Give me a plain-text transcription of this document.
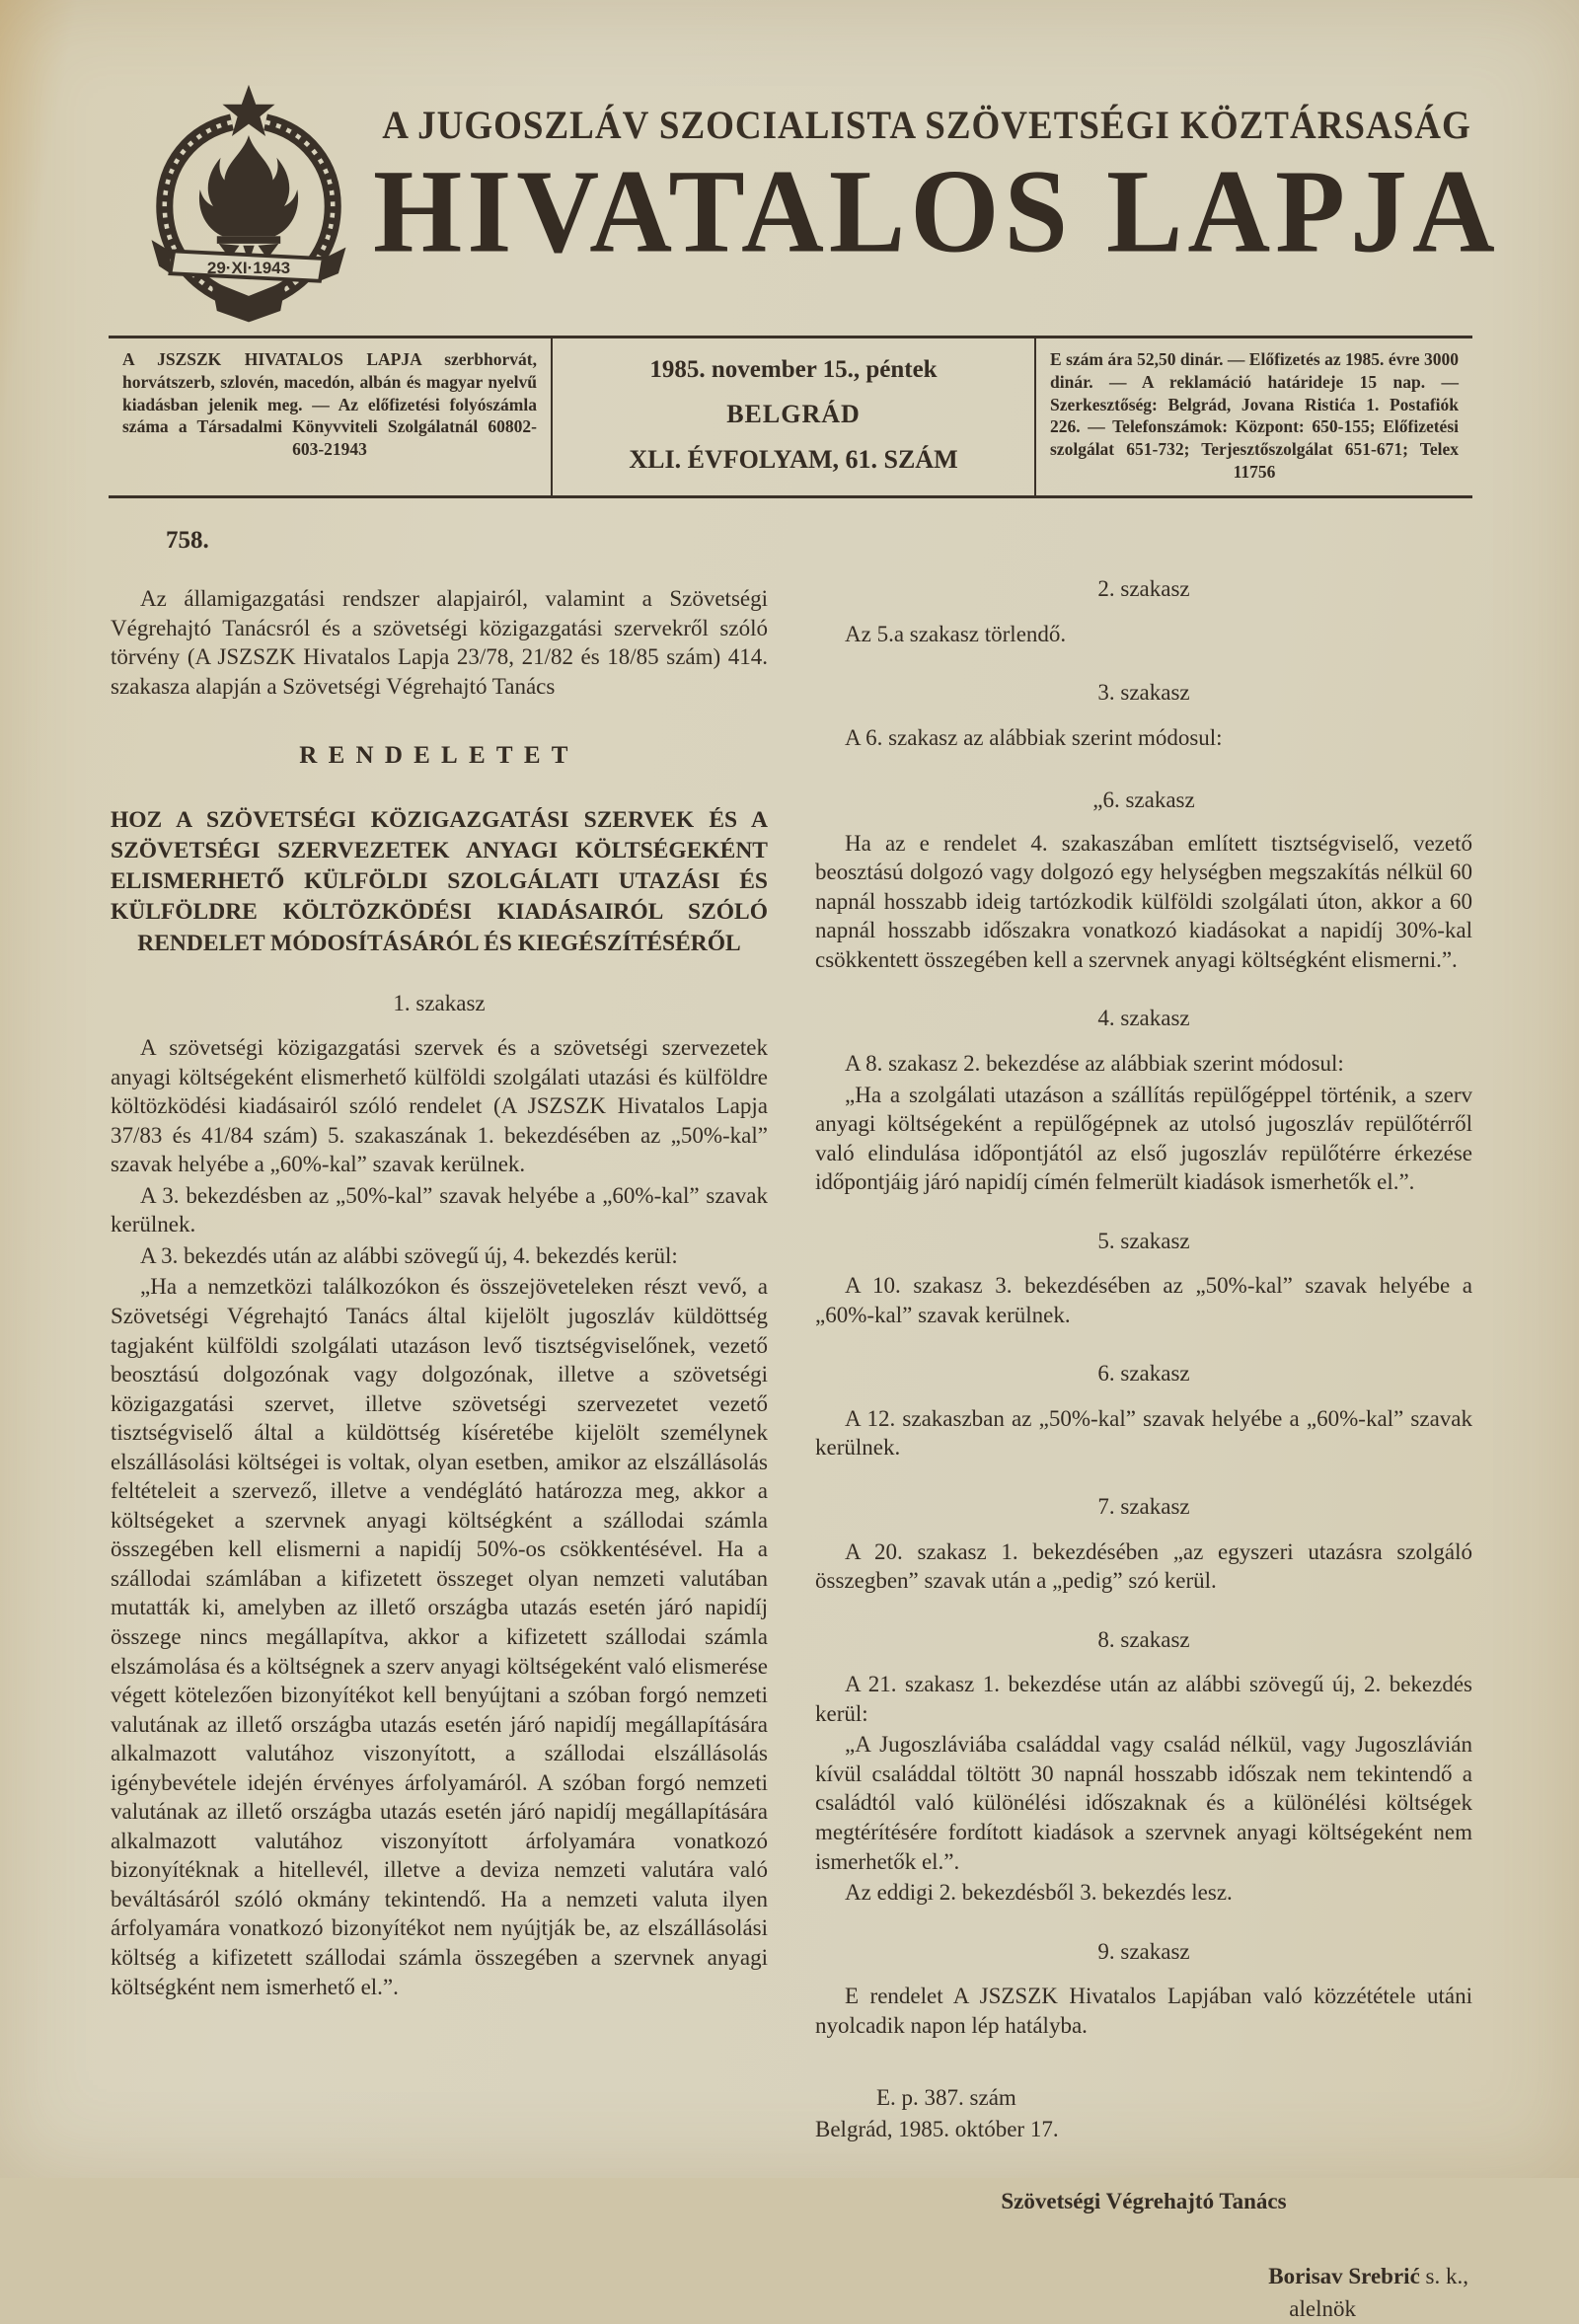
29·XI·1943
A JUGOSZLÁV SZOCIALISTA SZÖVETSÉGI KÖZTÁRSASÁG
HIVATALOS LAPJA
A JSZSZK HIVATALOS LAPJA szerbhorvát, horvátszerb, szlovén, macedón, albán és magyar nyelvű kiadásban jelenik meg. — Az előfizetési folyószámla száma a Társadalmi Könyvviteli Szolgálatnál 60802-603-21943
1985. november 15., péntek
BELGRÁD
XLI. ÉVFOLYAM, 61. SZÁM
E szám ára 52,50 dinár. — Előfizetés az 1985. évre 3000 dinár. — A reklamáció határideje 15 nap. — Szerkesztőség: Belgrád, Jovana Ristića 1. Postafiók 226. — Telefonszámok: Központ: 650-155; Előfizetési szolgálat 651-732; Terjesztőszolgálat 651-671; Telex 11756
758.

Az államigazgatási rendszer alapjairól, valamint a Szövetségi Végrehajtó Tanácsról és a szövetségi közigazgatási szervekről szóló törvény (A JSZSZK Hivatalos Lapja 23/78, 21/82 és 18/85 szám) 414. szakasza alapján a Szövetségi Végrehajtó Tanács

RENDELETET
HOZ A SZÖVETSÉGI KÖZIGAZGATÁSI SZERVEK ÉS A SZÖVETSÉGI SZERVEZETEK ANYAGI KÖLTSÉGEKÉNT ELISMERHETŐ KÜLFÖLDI SZOLGÁLATI UTAZÁSI ÉS KÜLFÖLDRE KÖLTÖZKÖDÉSI KIADÁSAIRÓL SZÓLÓ RENDELET MÓDOSÍTÁSÁRÓL ÉS KIEGÉSZÍTÉSÉRŐL
1. szakasz

A szövetségi közigazgatási szervek és a szövetségi szervezetek anyagi költségeként elismerhető külföldi szolgálati utazási és külföldre költözködési kiadásairól szóló rendelet (A JSZSZK Hivatalos Lapja 37/83 és 41/84 szám) 5. szakaszának 1. bekezdésében az „50%-kal” szavak helyébe a „60%-kal” szavak kerülnek.

A 3. bekezdésben az „50%-kal” szavak helyébe a „60%-kal” szavak kerülnek.

A 3. bekezdés után az alábbi szövegű új, 4. bekezdés kerül:

„Ha a nemzetközi találkozókon és összejöveteleken részt vevő, a Szövetségi Végrehajtó Tanács által kijelölt jugoszláv küldöttség tagjaként külföldi szolgálati utazáson levő tisztségviselőnek, vezető beosztású dolgozónak vagy dolgozónak, illetve a szövetségi közigazgatási szervet, illetve szövetségi szervezetet vezető tisztségviselő által a küldöttség kíséretébe kijelölt személynek elszállásolási költségei is voltak, olyan esetben, amikor az elszállásolás feltételeit a szervező, illetve a vendéglátó határozza meg, akkor a költségeket a szervnek anyagi költségként a szállodai számla összegében kell elismerni a napidíj 50%-os csökkentésével. Ha a szállodai számlában a kifizetett összeget olyan nemzeti valutában mutatták ki, amelyben az illető országba utazás esetén járó napidíj összege nincs megállapítva, akkor a kifizetett szállodai számla elszámolása és a költségnek a szerv anyagi költségeként való elismerése végett kötelezően bizonyítékot kell benyújtani a szóban forgó nemzeti valutának az illető országba utazás esetén járó napidíj megállapítására alkalmazott valutához viszonyított, a szállodai elszállásolás igénybevétele idején érvényes árfolyamáról. A szóban forgó nemzeti valutának az illető országba utazás esetén járó napidíj megállapítására alkalmazott valutához viszonyított árfolyamára vonatkozó bizonyítéknak a hitellevél, illetve a deviza nemzeti valutára való beváltásáról szóló okmány tekintendő. Ha a nemzeti valuta ilyen árfolyamára vonatkozó bizonyítékot nem nyújtják be, az elszállásolási költség a kifizetett szállodai számla összegében a szervnek anyagi költségként nem ismerhető el.”.

2. szakasz

Az 5.a szakasz törlendő.

3. szakasz

A 6. szakasz az alábbiak szerint módosul:

„6. szakasz

Ha az e rendelet 4. szakaszában említett tisztségviselő, vezető beosztású dolgozó vagy dolgozó egy helységben megszakítás nélkül 60 napnál hosszabb ideig tartózkodik külföldi szolgálati úton, akkor a 60 napnál hosszabb időszakra vonatkozó kiadásokat a napidíj 30%-kal csökkentett összegében kell a szervnek anyagi költségként elismerni.”.

4. szakasz

A 8. szakasz 2. bekezdése az alábbiak szerint módosul:

„Ha a szolgálati utazáson a szállítás repülőgéppel történik, a szerv anyagi költségeként a repülőgépnek az utolsó jugoszláv repülőtérről való elindulása időpontjától az első jugoszláv repülőtérre érkezése időpontjáig járó napidíj címén felmerült kiadások ismerhetők el.”.

5. szakasz

A 10. szakasz 3. bekezdésében az „50%-kal” szavak helyébe a „60%-kal” szavak kerülnek.

6. szakasz

A 12. szakaszban az „50%-kal” szavak helyébe a „60%-kal” szavak kerülnek.

7. szakasz

A 20. szakasz 1. bekezdésében „az egyszeri utazásra szolgáló összegben” szavak után a „pedig” szó kerül.

8. szakasz

A 21. szakasz 1. bekezdése után az alábbi szövegű új, 2. bekezdés kerül:

„A Jugoszláviába családdal vagy család nélkül, vagy Jugoszlávián kívül családdal töltött 30 napnál hosszabb időszak nem tekintendő a családtól való különélési időszaknak és a különélési költségek megtérítésére fordított kiadások a szervnek anyagi költségeként nem ismerhetők el.”.

Az eddigi 2. bekezdésből 3. bekezdés lesz.

9. szakasz

E rendelet A JSZSZK Hivatalos Lapjában való közzététele utáni nyolcadik napon lép hatályba.

E. p. 387. szám
Belgrád, 1985. október 17.
Szövetségi Végrehajtó Tanács
Borisav Srebrić s. k.,
alelnök
